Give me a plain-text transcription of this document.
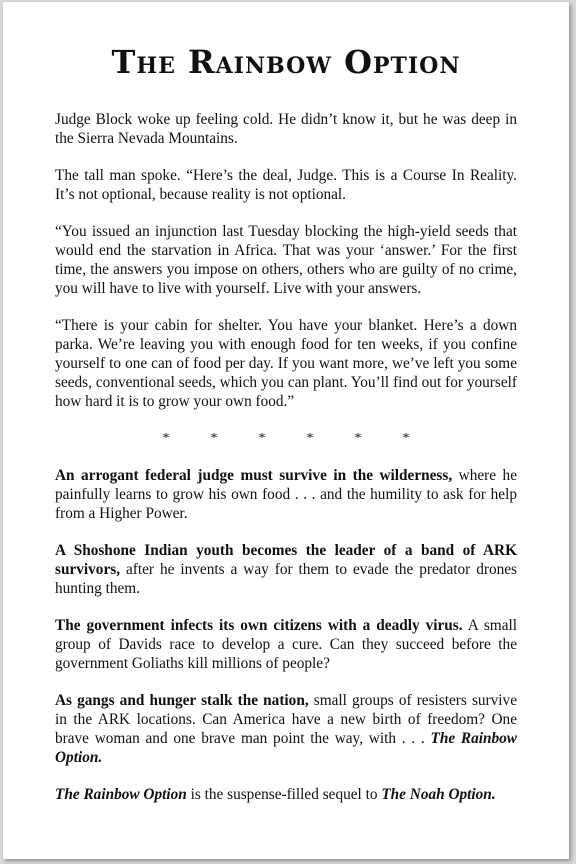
The Rainbow Option

Judge Block woke up feeling cold. He didn’t know it, but he was deep in the Sierra Nevada Mountains.

The tall man spoke. “Here’s the deal, Judge. This is a Course In Reality. It’s not optional, because reality is not optional.

“You issued an injunction last Tuesday blocking the high-yield seeds that would end the starvation in Africa. That was your ‘answer.’ For the first time, the answers you impose on others, others who are guilty of no crime, you will have to live with yourself. Live with your answers.

“There is your cabin for shelter. You have your blanket. Here’s a down parka. We’re leaving you with enough food for ten weeks, if you confine yourself to one can of food per day. If you want more, we’ve left you some seeds, conventional seeds, which you can plant. You’ll find out for yourself how hard it is to grow your own food.”

*	*	*	*	*	*

An arrogant federal judge must survive in the wilderness, where he painfully learns to grow his own food . . . and the humility to ask for help from a Higher Power.

A Shoshone Indian youth becomes the leader of a band of ARK survivors, after he invents a way for them to evade the predator drones hunting them.

The government infects its own citizens with a deadly virus. A small group of Davids race to develop a cure. Can they succeed before the government Goliaths kill millions of people?

As gangs and hunger stalk the nation, small groups of resisters survive in the ARK locations. Can America have a new birth of freedom? One brave woman and one brave man point the way, with . . . The Rainbow Option.

The Rainbow Option is the suspense-filled sequel to The Noah Option.
